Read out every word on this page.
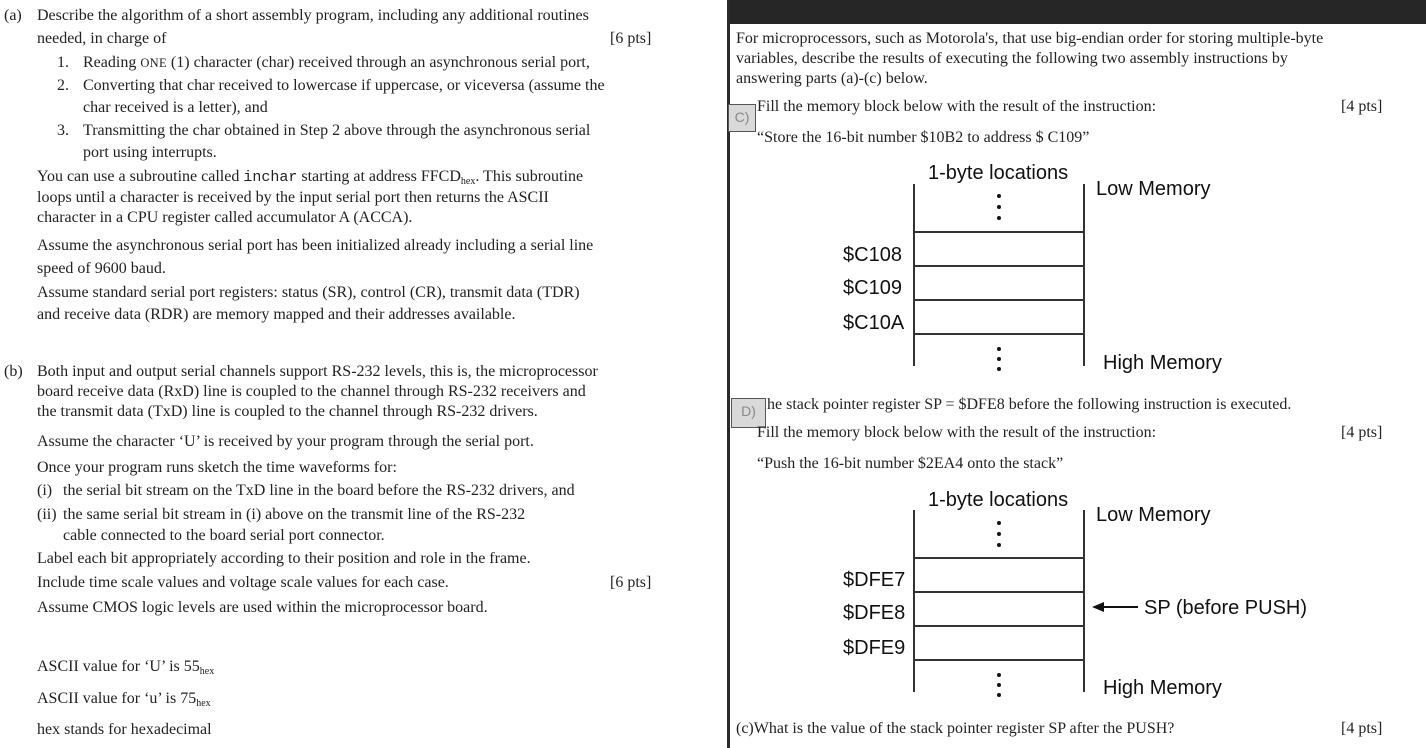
(a) Describe the algorithm of a short assembly program, including any additional routines
needed, in charge of	[6 pts]
1. Reading ONE (1) character (char) received through an asynchronous serial port,
2. Converting that char received to lowercase if uppercase, or viceversa (assume the
char received is a letter), and
3. Transmitting the char obtained in Step 2 above through the asynchronous serial
port using interrupts.
You can use a subroutine called inchar starting at address $FFCD_{hex}$. This subroutine
loops until a character is received by the input serial port then returns the ASCII
character in a CPU register called accumulator A (ACCA).
Assume the asynchronous serial port has been initialized already including a serial line
speed of 9600 baud.
Assume standard serial port registers: status (SR), control (CR), transmit data (TDR)
and receive data (RDR) are memory mapped and their addresses available.
(b) Both input and output serial channels support RS-232 levels, this is, the microprocessor
board receive data (RxD) line is coupled to the channel through RS-232 receivers and
the transmit data (TxD) line is coupled to the channel through RS-232 drivers.
Assume the character ‘U’ is received by your program through the serial port.
Once your program runs sketch the time waveforms for:
(i) the serial bit stream on the TxD line in the board before the RS-232 drivers, and
(ii) the same serial bit stream in (i) above on the transmit line of the RS-232
cable connected to the board serial port connector.
Label each bit appropriately according to their position and role in the frame.
Include time scale values and voltage scale values for each case.	[6 pts]
Assume CMOS logic levels are used within the microprocessor board.
ASCII value for ‘U’ is $55_{hex}$
ASCII value for ‘u’ is $75_{hex}$
hex stands for hexadecimal
For microprocessors, such as Motorola's, that use big-endian order for storing multiple-byte
variables, describe the results of executing the following two assembly instructions by
answering parts (a)-(c) below.
C)
Fill the memory block below with the result of the instruction:	[4 pts]
“Store the 16-bit number $10B2 to address $ C109”
1-byte locations
Low Memory
High Memory
$C108
$C109
$C10A
D) he stack pointer register SP = $DFE8 before the following instruction is executed.
Fill the memory block below with the result of the instruction:	[4 pts]
“Push the 16-bit number $2EA4 onto the stack”
1-byte locations
Low Memory
High Memory
$DFE7
$DFE8
$DFE9
SP (before PUSH)
(c)What is the value of the stack pointer register SP after the PUSH?	[4 pts]
